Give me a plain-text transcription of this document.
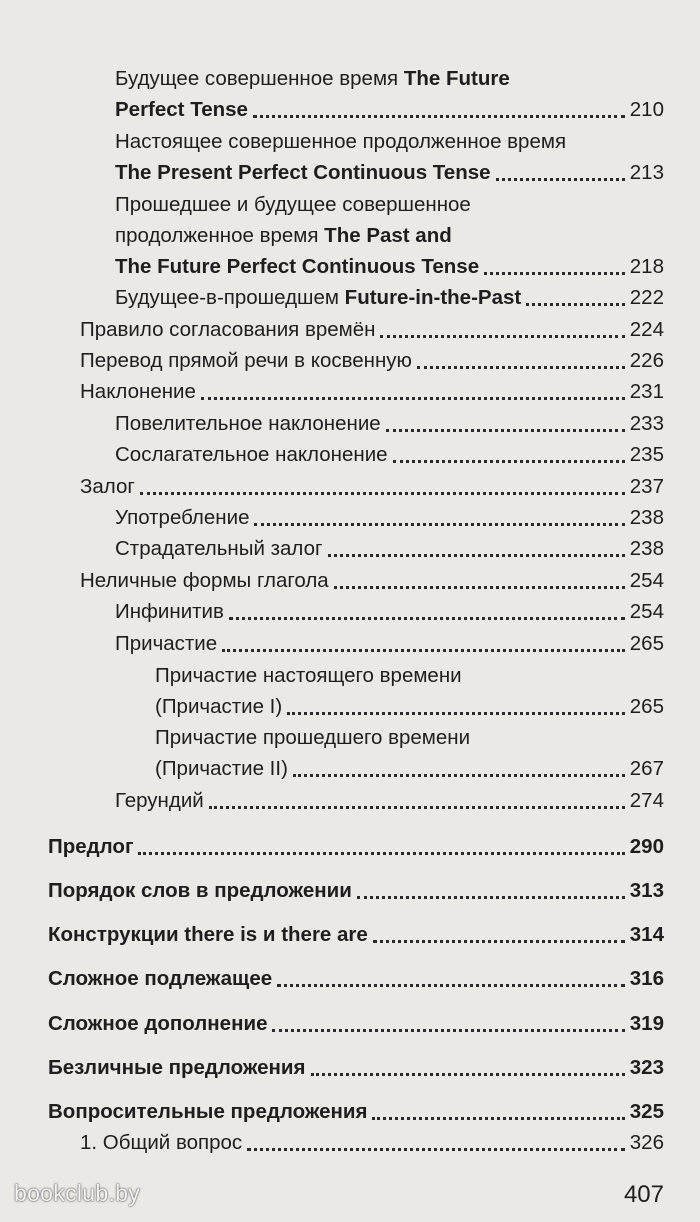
Будущее совершенное время The Future
Perfect Tense	210
Настоящее совершенное продолженное время
The Present Perfect Continuous Tense	213
Прошедшее и будущее совершенное
продолженное время The Past and
The Future Perfect Continuous Tense	218
Будущее-в-прошедшем Future-in-the-Past	222
Правило согласования времён	224
Перевод прямой речи в косвенную	226
Наклонение	231
Повелительное наклонение	233
Сослагательное наклонение	235
Залог	237
Употребление	238
Страдательный залог	238
Неличные формы глагола	254
Инфинитив	254
Причастие	265
Причастие настоящего времени
(Причастие I)	265
Причастие прошедшего времени
(Причастие II)	267
Герундий	274
Предлог	290
Порядок слов в предложении	313
Конструкции there is и there are	314
Сложное подлежащее	316
Сложное дополнение	319
Безличные предложения	323
Вопросительные предложения	325
1. Общий вопрос	326
bookclub.by	407
